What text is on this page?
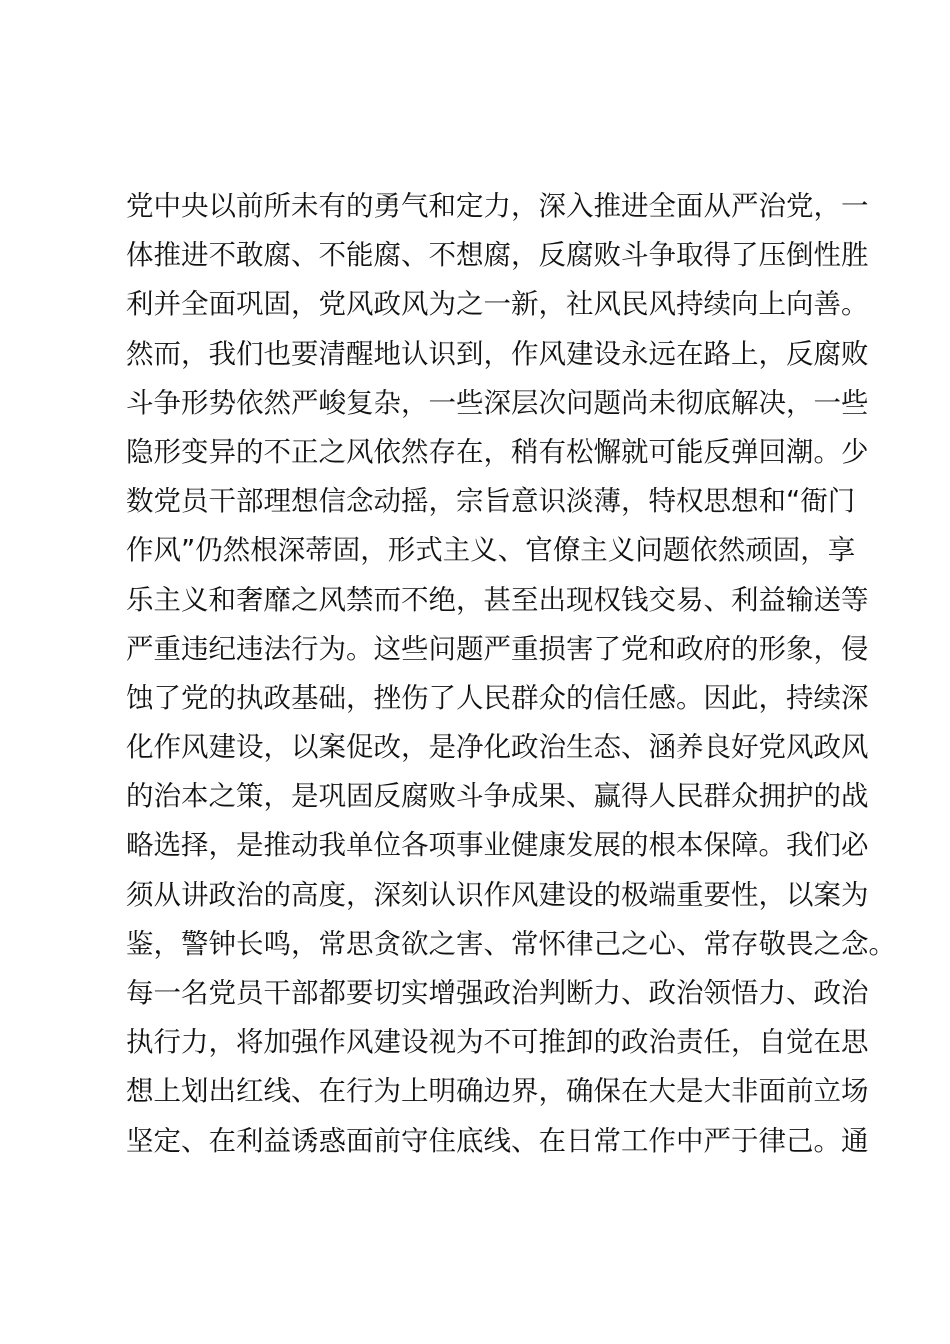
党中央以前所未有的勇气和定力，深入推进全面从严治党，一
体推进不敢腐、不能腐、不想腐，反腐败斗争取得了压倒性胜
利并全面巩固，党风政风为之一新，社风民风持续向上向善。
然而，我们也要清醒地认识到，作风建设永远在路上，反腐败
斗争形势依然严峻复杂，一些深层次问题尚未彻底解决，一些
隐形变异的不正之风依然存在，稍有松懈就可能反弹回潮。少
数党员干部理想信念动摇，宗旨意识淡薄，特权思想和“衙门
作风”仍然根深蒂固，形式主义、官僚主义问题依然顽固，享
乐主义和奢靡之风禁而不绝，甚至出现权钱交易、利益输送等
严重违纪违法行为。这些问题严重损害了党和政府的形象，侵
蚀了党的执政基础，挫伤了人民群众的信任感。因此，持续深
化作风建设，以案促改，是净化政治生态、涵养良好党风政风
的治本之策，是巩固反腐败斗争成果、赢得人民群众拥护的战
略选择，是推动我单位各项事业健康发展的根本保障。我们必
须从讲政治的高度，深刻认识作风建设的极端重要性，以案为
鉴，警钟长鸣，常思贪欲之害、常怀律己之心、常存敬畏之念。
每一名党员干部都要切实增强政治判断力、政治领悟力、政治
执行力，将加强作风建设视为不可推卸的政治责任，自觉在思
想上划出红线、在行为上明确边界，确保在大是大非面前立场
坚定、在利益诱惑面前守住底线、在日常工作中严于律己。通
